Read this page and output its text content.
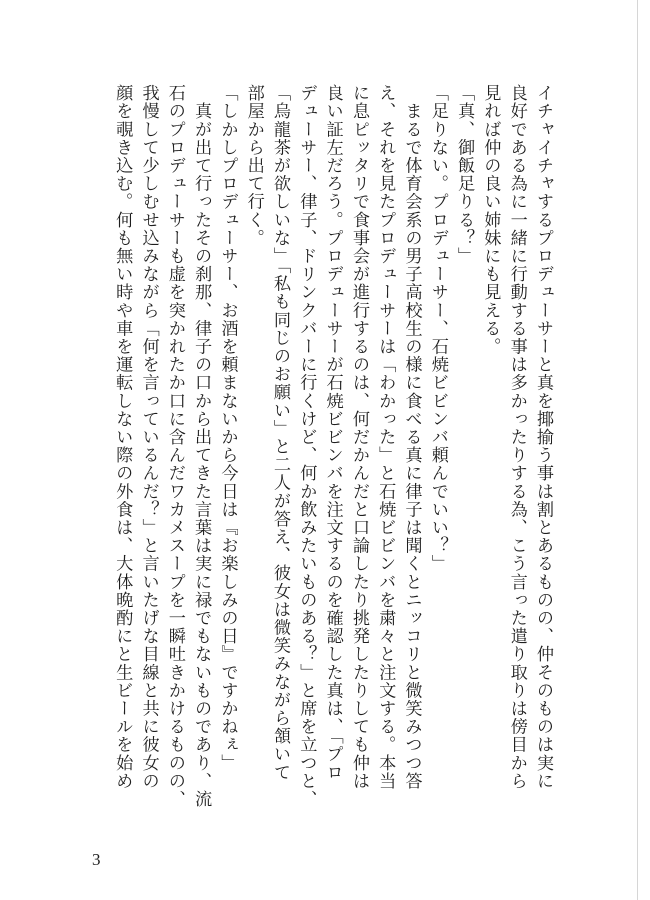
イチャイチャするプロデューサーと真を揶揄う事は割とあるものの、仲そのものは実に

良好である為に一緒に行動する事は多かったりする為、こう言った遣り取りは傍目から

見れば仲の良い姉妹にも見える。

「真、御飯足りる？」

「足りない。プロデューサー、石焼ビビンバ頼んでいい？」

　まるで体育会系の男子高校生の様に食べる真に律子は聞くとニッコリと微笑みつつ答

え、それを見たプロデューサーは「わかった」と石焼ビビンバを粛々と注文する。本当

に息ピッタリで食事会が進行するのは、何だかんだと口論したり挑発したりしても仲は

良い証左だろう。プロデューサーが石焼ビビンバを注文するのを確認した真は、「プロ

デューサー、律子、ドリンクバーに行くけど、何か飲みたいものある？」と席を立つと、

「烏龍茶が欲しいな」「私も同じのお願い」と二人が答え、彼女は微笑みながら頷いて

部屋から出て行く。

「しかしプロデューサー、お酒を頼まないから今日は『お楽しみの日』ですかねぇ」

　真が出て行ったその刹那、律子の口から出てきた言葉は実に禄でもないものであり、流

石のプロデューサーも虚を突かれたか口に含んだワカメスープを一瞬吐きかけるものの、

我慢して少しむせ込みながら「何を言っているんだ？」と言いたげな目線と共に彼女の

顔を覗き込む。何も無い時や車を運転しない際の外食は、大体晩酌にと生ビールを始め

3
